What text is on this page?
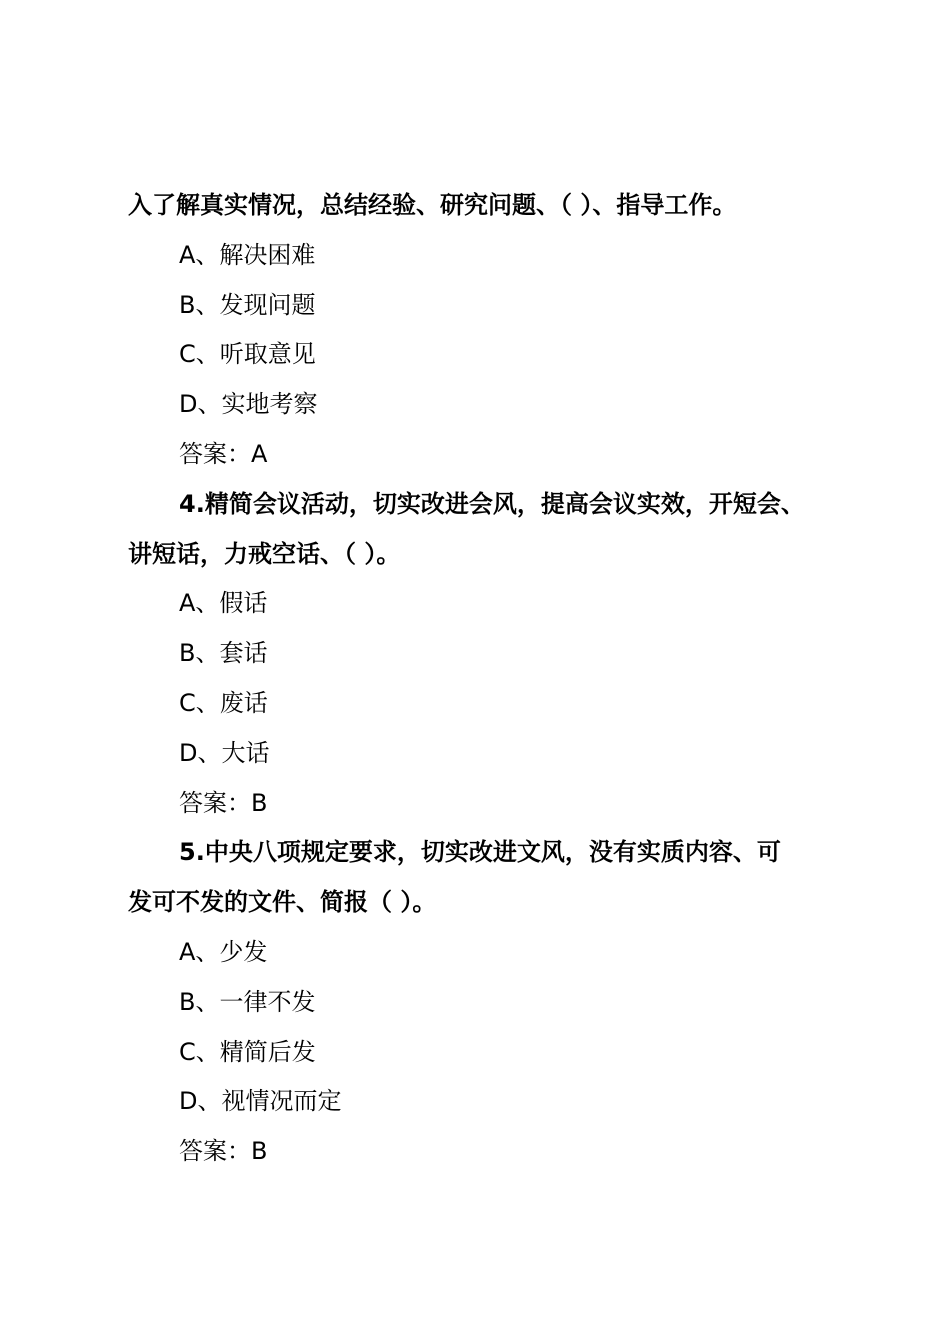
入了解真实情况，总结经验、研究问题、（ ）、指导工作。
A、解决困难
B、发现问题
C、听取意见
D、实地考察
答案：A
4.精简会议活动，切实改进会风，提高会议实效，开短会、
讲短话，力戒空话、（ ）。
A、假话
B、套话
C、废话
D、大话
答案：B
5.中央八项规定要求，切实改进文风，没有实质内容、可
发可不发的文件、简报（ ）。
A、少发
B、一律不发
C、精简后发
D、视情况而定
答案：B
